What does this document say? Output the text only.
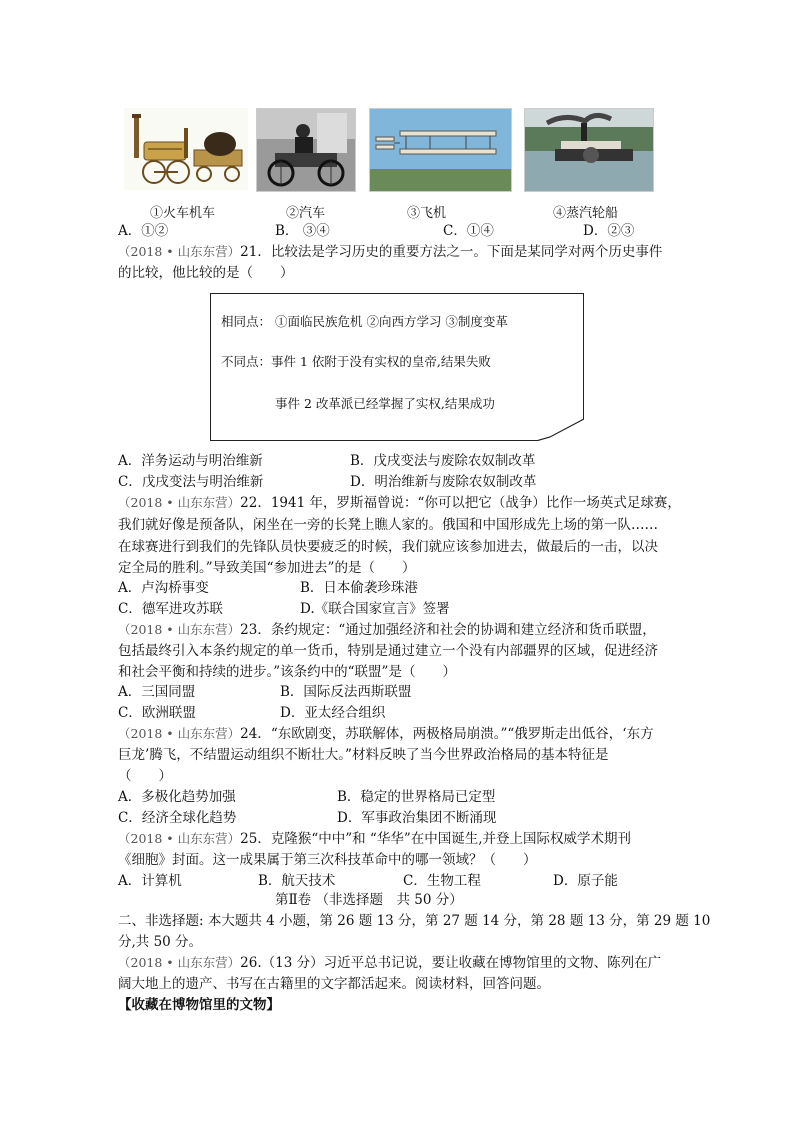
①火车机车	②汽车	③飞机	④蒸汽轮船
A．①②	B． ③④	C．①④	D．②③
（2018 • 山东东营）21．比较法是学习历史的重要方法之一。下面是某同学对两个历史事件
的比较，他比较的是（　　）
相同点： ①面临民族危机 ②向西方学习 ③制度变革
不同点：事件 1 依附于没有实权的皇帝,结果失败
事件 2 改革派已经掌握了实权,结果成功
A．洋务运动与明治维新	B．戊戌变法与废除农奴制改革
C．戊戌变法与明治维新	D．明治维新与废除农奴制改革
（2018 • 山东东营）22．1941 年，罗斯福曾说：“你可以把它（战争）比作一场英式足球赛，
我们就好像是预备队，闲坐在一旁的长凳上瞧人家的。俄国和中国形成先上场的第一队……
在球赛进行到我们的先锋队员快要疲乏的时候，我们就应该参加进去，做最后的一击，以决
定全局的胜利。”导致美国“参加进去”的是（　　）
A．卢沟桥事变	B．日本偷袭珍珠港
C．德军进攻苏联	D.《联合国家宣言》签署
（2018 • 山东东营）23．条约规定：“通过加强经济和社会的协调和建立经济和货币联盟，
包括最终引入本条约规定的单一货币，特别是通过建立一个没有内部疆界的区域，促进经济
和社会平衡和持续的进步。”该条约中的“联盟”是（　　）
A．三国同盟	B．国际反法西斯联盟
C．欧洲联盟	D．亚太经合组织
（2018 • 山东东营）24．“东欧剧变，苏联解体，两极格局崩溃。”“俄罗斯走出低谷，‘东方
巨龙’腾飞，不结盟运动组织不断壮大。”材料反映了当今世界政治格局的基本特征是
（　　）
A．多极化趋势加强	B．稳定的世界格局已定型
C．经济全球化趋势	D．军事政治集团不断涌现
（2018 • 山东东营）25．克隆猴“中中”和 “华华”在中国诞生,并登上国际权威学术期刊
《细胞》封面。这一成果属于第三次科技革命中的哪一领域？（　　）
A．计算机	B．航天技术	C．生物工程	D．原子能
第Ⅱ卷 （非选择题　共 50 分）
二、非选择题: 本大题共 4 小题，第 26 题 13 分，第 27 题 14 分，第 28 题 13 分，第 29 题 10
分,共 50 分。
（2018 • 山东东营）26.（13 分）习近平总书记说，要让收藏在博物馆里的文物、陈列在广
阔大地上的遗产、书写在古籍里的文字都活起来。阅读材料，回答问题。
【收藏在博物馆里的文物】
